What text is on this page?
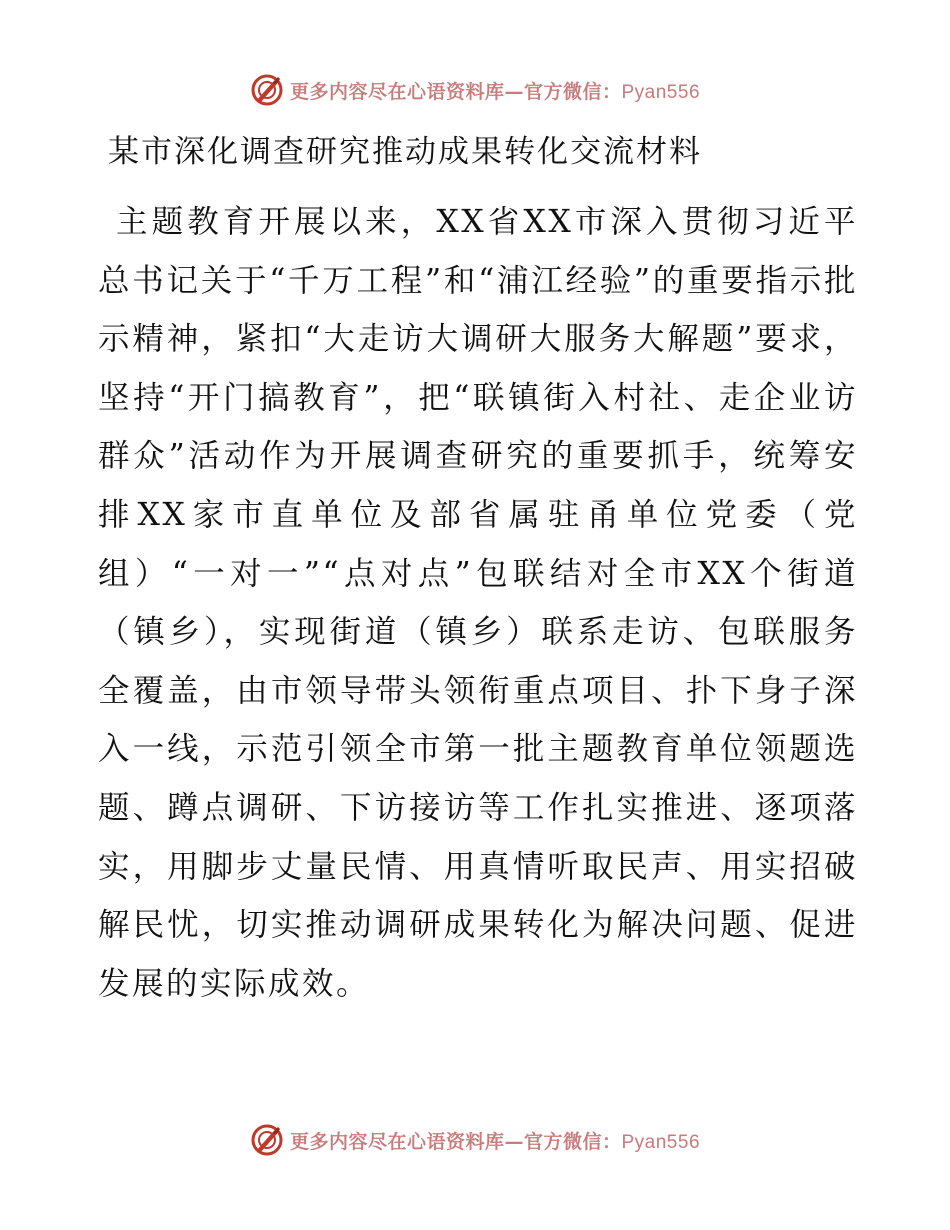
更多内容尽在心语资料库—官方微信：Pyan556
某市深化调查研究推动成果转化交流材料

主题教育开展以来，XX省XX市深入贯彻习近平总书记关于“千万工程”和“浦江经验”的重要指示批示精神，紧扣“大走访大调研大服务大解题”要求，坚持“开门搞教育”，把“联镇街入村社、走企业访群众”活动作为开展调查研究的重要抓手，统筹安排XX家市直单位及部省属驻甬单位党委（党组）“一对一”“点对点”包联结对全市XX个街道（镇乡），实现街道（镇乡）联系走访、包联服务全覆盖，由市领导带头领衔重点项目、扑下身子深入一线，示范引领全市第一批主题教育单位领题选题、蹲点调研、下访接访等工作扎实推进、逐项落实，用脚步丈量民情、用真情听取民声、用实招破解民忧，切实推动调研成果转化为解决问题、促进发展的实际成效。

更多内容尽在心语资料库—官方微信：Pyan556
